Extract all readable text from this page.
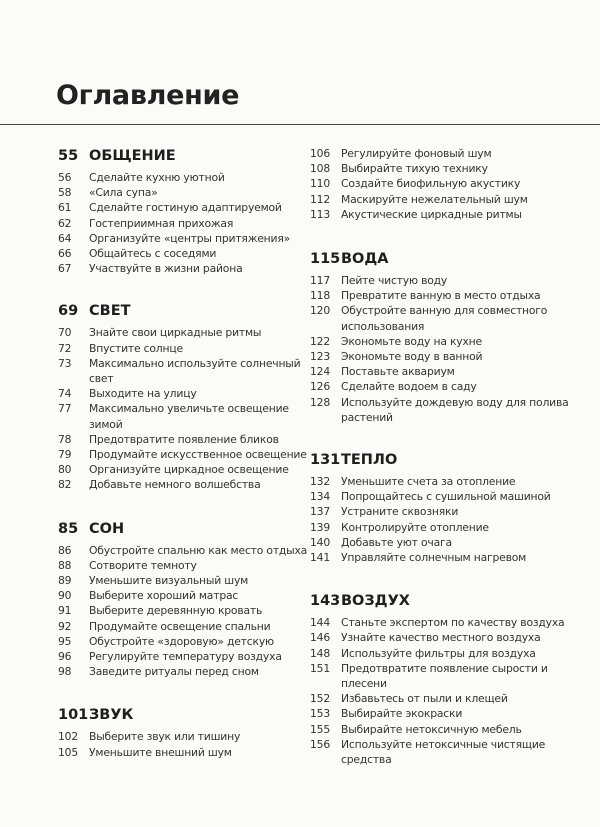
Оглавление
55 ОБЩЕНИЕ
56	Сделайте кухню уютной
58	«Сила супа»
61	Сделайте гостиную адаптируемой
62	Гостеприимная прихожая
64	Организуйте «центры притяжения»
66	Общайтесь с соседями
67	Участвуйте в жизни района
69 СВЕТ
70	Знайте свои циркадные ритмы
72	Впустите солнце
73	Максимально используйте солнечный свет
74	Выходите на улицу
77	Максимально увеличьте освещение зимой
78	Предотвратите появление бликов
79	Продумайте искусственное освещение
80	Организуйте циркадное освещение
82	Добавьте немного волшебства
85 СОН
86	Обустройте спальню как место отдыха
88	Сотворите темноту
89	Уменьшите визуальный шум
90	Выберите хороший матрас
91	Выберите деревянную кровать
92	Продумайте освещение спальни
95	Обустройте «здоровую» детскую
96	Регулируйте температуру воздуха
98	Заведите ритуалы перед сном
101 ЗВУК
102	Выберите звук или тишину
105	Уменьшите внешний шум
106	Регулируйте фоновый шум
108	Выбирайте тихую технику
110	Создайте биофильную акустику
112	Маскируйте нежелательный шум
113	Акустические циркадные ритмы
115 ВОДА
117	Пейте чистую воду
118	Превратите ванную в место отдыха
120	Обустройте ванную для совместного использования
122	Экономьте воду на кухне
123	Экономьте воду в ванной
124	Поставьте аквариум
126	Сделайте водоем в саду
128	Используйте дождевую воду для полива растений
131 ТЕПЛО
132	Уменьшите счета за отопление
134	Попрощайтесь с сушильной машиной
137	Устраните сквозняки
139	Контролируйте отопление
140	Добавьте уют очага
141	Управляйте солнечным нагревом
143 ВОЗДУХ
144	Станьте экспертом по качеству воздуха
146	Узнайте качество местного воздуха
148	Используйте фильтры для воздуха
151	Предотвратите появление сырости и плесени
152	Избавьтесь от пыли и клещей
153	Выбирайте экокраски
155	Выбирайте нетоксичную мебель
156	Используйте нетоксичные чистящие средства
